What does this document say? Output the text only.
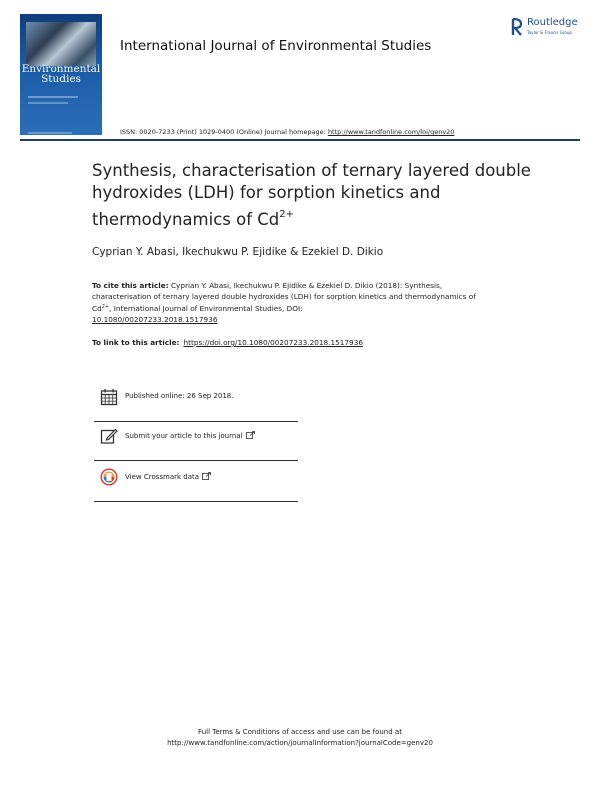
Environmental
Studies
International Journal of Environmental Studies
Routledge
Taylor & Francis Group
ISSN: 0020-7233 (Print) 1029-0400 (Online) Journal homepage: http://www.tandfonline.com/loi/genv20
Synthesis, characterisation of ternary layered double hydroxides (LDH) for sorption kinetics and thermodynamics of $Cd^{2+}$
Cyprian Y. Abasi, Ikechukwu P. Ejidike & Ezekiel D. Dikio
To cite this article: Cyprian Y. Abasi, Ikechukwu P. Ejidike & Ezekiel D. Dikio (2018): Synthesis, characterisation of ternary layered double hydroxides (LDH) for sorption kinetics and thermodynamics of $Cd^{2+}$, International Journal of Environmental Studies, DOI:
10.1080/00207233.2018.1517936
To link to this article: https://doi.org/10.1080/00207233.2018.1517936
Published online: 26 Sep 2018.
Submit your article to this journal
View Crossmark data
Full Terms & Conditions of access and use can be found at
http://www.tandfonline.com/action/journalInformation?journalCode=genv20
